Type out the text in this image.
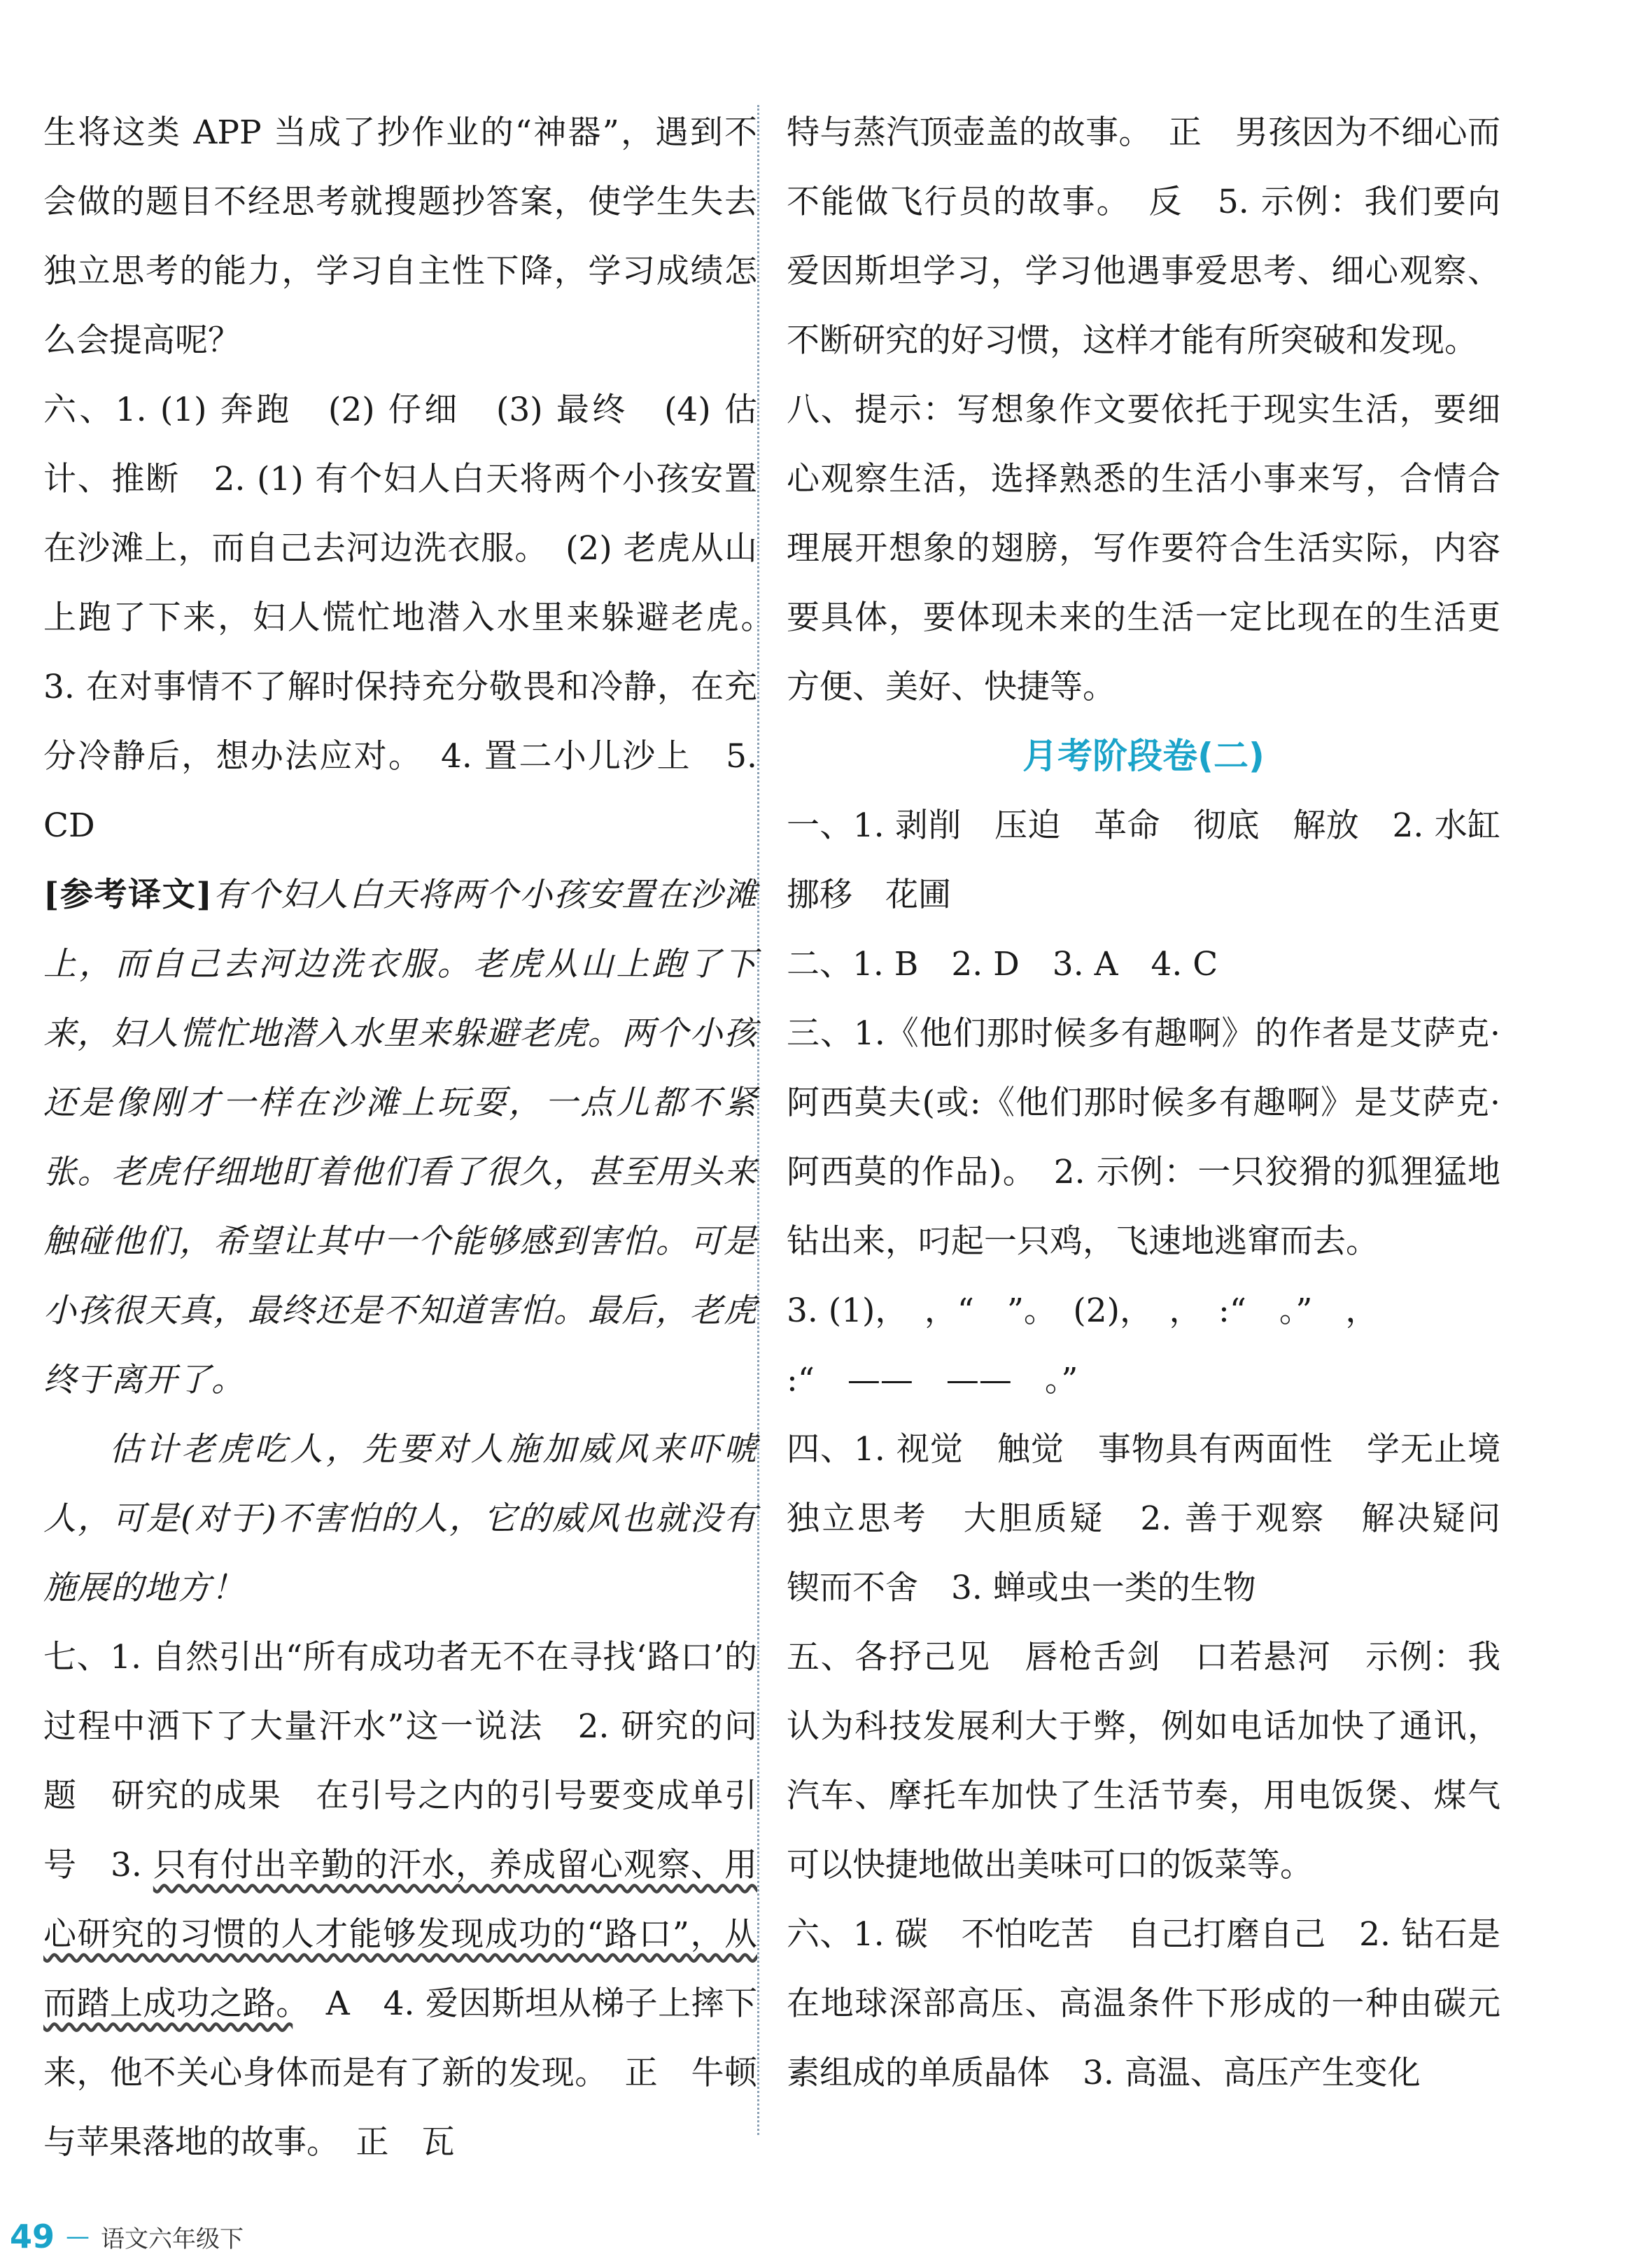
生将这类 APP 当成了抄作业的“神器”，遇到不会做的题目不经思考就搜题抄答案，使学生失去独立思考的能力，学习自主性下降，学习成绩怎么会提高呢？

六、1. (1) 奔跑　(2) 仔细　(3) 最终　(4) 估计、推断　2. (1) 有个妇人白天将两个小孩安置在沙滩上，而自己去河边洗衣服。　(2) 老虎从山上跑了下来，妇人慌忙地潜入水里来躲避老虎。　3. 在对事情不了解时保持充分敬畏和冷静，在充分冷静后，想办法应对。　4. 置二小儿沙上　5. CD

[参考译文]有个妇人白天将两个小孩安置在沙滩上，而自己去河边洗衣服。老虎从山上跑了下来，妇人慌忙地潜入水里来躲避老虎。两个小孩还是像刚才一样在沙滩上玩耍，一点儿都不紧张。老虎仔细地盯着他们看了很久，甚至用头来触碰他们，希望让其中一个能够感到害怕。可是小孩很天真，最终还是不知道害怕。最后，老虎终于离开了。

估计老虎吃人，先要对人施加威风来吓唬人，可是(对于)不害怕的人，它的威风也就没有施展的地方！

七、1. 自然引出“所有成功者无不在寻找‘路口’的过程中洒下了大量汗水”这一说法　2. 研究的问题　研究的成果　在引号之内的引号要变成单引号　3. 只有付出辛勤的汗水，养成留心观察、用心研究的习惯的人才能够发现成功的“路口”，从而踏上成功之路。　A　4. 爱因斯坦从梯子上摔下来，他不关心身体而是有了新的发现。　正　牛顿与苹果落地的故事。　正　瓦

特与蒸汽顶壶盖的故事。　正　男孩因为不细心而不能做飞行员的故事。　反　5. 示例：我们要向爱因斯坦学习，学习他遇事爱思考、细心观察、不断研究的好习惯，这样才能有所突破和发现。

八、提示：写想象作文要依托于现实生活，要细心观察生活，选择熟悉的生活小事来写，合情合理展开想象的翅膀，写作要符合生活实际，内容要具体，要体现未来的生活一定比现在的生活更方便、美好、快捷等。

月考阶段卷(二)

一、1. 剥削　压迫　革命　彻底　解放　2. 水缸　挪移　花圃

二、1. B　2. D　3. A　4. C

三、1.《他们那时候多有趣啊》的作者是艾萨克·阿西莫夫(或:《他们那时候多有趣啊》是艾萨克·阿西莫的作品)。　2. 示例：一只狡猾的狐狸猛地钻出来，叼起一只鸡，飞速地逃窜而去。

3. (1)，　，“　”。　(2)，　，　:“　。”　，

:“　——　——　。”

四、1. 视觉　触觉　事物具有两面性　学无止境　独立思考　大胆质疑　2. 善于观察　解决疑问　锲而不舍　3. 蝉或虫一类的生物

五、各抒己见　唇枪舌剑　口若悬河　示例：我认为科技发展利大于弊，例如电话加快了通讯，汽车、摩托车加快了生活节奏，用电饭煲、煤气可以快捷地做出美味可口的饭菜等。

六、1. 碳　不怕吃苦　自己打磨自己　2. 钻石是在地球深部高压、高温条件下形成的一种由碳元素组成的单质晶体　3. 高温、高压产生变化

49 — 语文六年级下
